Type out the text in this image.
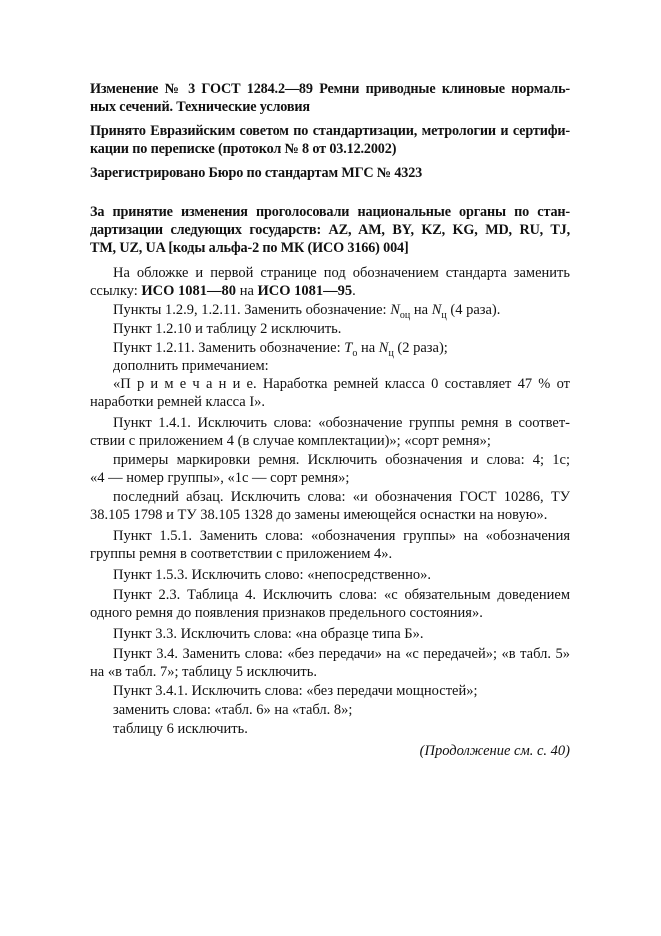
Изменение № 3 ГОСТ 1284.2—89 Ремни приводные клиновые нормаль-
ных сечений. Технические условия
Принято Евразийским советом по стандартизации, метрологии и сертифи-
кации по переписке (протокол № 8 от 03.12.2002)
Зарегистрировано Бюро по стандартам МГС № 4323
За принятие изменения проголосовали национальные органы по стан-
дартизации следующих государств: AZ, AM, BY, KZ, KG, MD, RU, TJ,
TM, UZ, UA [коды альфа-2 по МК (ИСО 3166) 004]
На обложке и первой странице под обозначением стандарта заменить
ссылку: ИСО 1081—80 на ИСО 1081—95.
Пункты 1.2.9, 1.2.11. Заменить обозначение: $N_{оц}$ на $N_ц$ (4 раза).
Пункт 1.2.10 и таблицу 2 исключить.
Пункт 1.2.11. Заменить обозначение: $T_о$ на $N_ц$ (2 раза);
дополнить примечанием:
«П р и м е ч а н и е. Наработка ремней класса 0 составляет 47 % от
наработки ремней класса I».
Пункт 1.4.1. Исключить слова: «обозначение группы ремня в соответ-
ствии с приложением 4 (в случае комплектации)»; «сорт ремня»;
примеры маркировки ремня. Исключить обозначения и слова: 4; 1с;
«4 — номер группы», «1с — сорт ремня»;
последний абзац. Исключить слова: «и обозначения ГОСТ 10286, ТУ
38.105 1798 и ТУ 38.105 1328 до замены имеющейся оснастки на новую».
Пункт 1.5.1. Заменить слова: «обозначения группы» на «обозначения
группы ремня в соответствии с приложением 4».
Пункт 1.5.3. Исключить слово: «непосредственно».
Пункт 2.3. Таблица 4. Исключить слова: «с обязательным доведением
одного ремня до появления признаков предельного состояния».
Пункт 3.3. Исключить слова: «на образце типа Б».
Пункт 3.4. Заменить слова: «без передачи» на «с передачей»; «в табл. 5»
на «в табл. 7»; таблицу 5 исключить.
Пункт 3.4.1. Исключить слова: «без передачи мощностей»;
заменить слова: «табл. 6» на «табл. 8»;
таблицу 6 исключить.
(Продолжение см. с. 40)
